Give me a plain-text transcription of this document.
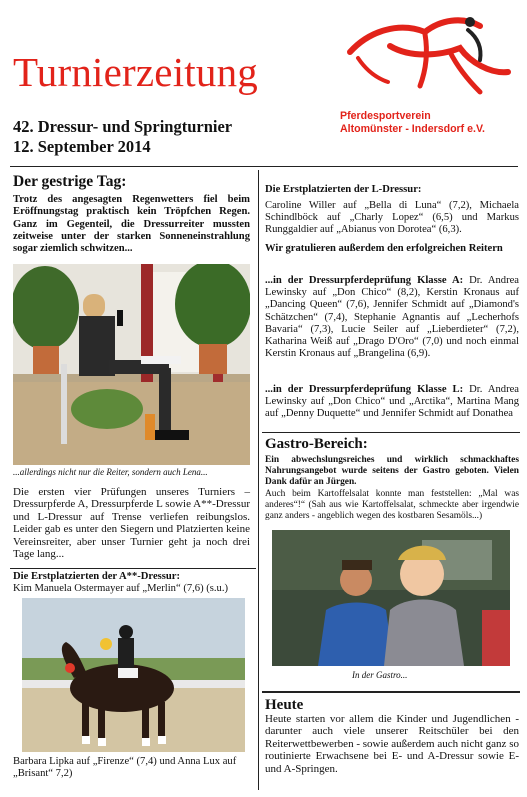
Turnierzeitung
42. Dressur- und Springturnier
12. September 2014
Pferdesportverein
Altomünster - Indersdorf e.V.
Der gestrige Tag:
Trotz des angesagten Regenwetters fiel beim Eröffnungstag praktisch kein Tröpfchen Regen. Ganz im Gegenteil, die Dressurreiter mussten zeitweise unter der starken Sonneneinstrahlung sogar ziemlich schwitzen...
...allerdings nicht nur die Reiter, sondern auch Lena...
Die ersten vier Prüfungen unseres Turniers – Dressurpferde A, Dressurpferde L sowie A**-Dressur und L-Dressur auf Trense verliefen reibungslos. Leider gab es unter den Siegern und Platzierten keine Vereinsreiter, aber unser Turnier geht ja noch drei Tage lang...
Die Erstplatzierten der A**-Dressur:
Kim Manuela Ostermayer auf „Merlin“ (7,6) (s.u.)
Barbara Lipka auf „Firenze“ (7,4) und Anna Lux auf „Brisant“ 7,2)
Die Erstplatzierten der L-Dressur:
Caroline Willer auf „Bella di Luna“ (7,2), Michaela Schindlböck auf „Charly Lopez“ (6,5) und Markus Runggaldier auf „Abianus von Dorotea“ (6,3).
Wir gratulieren außerdem den erfolgreichen Reitern
...in der Dressurpferdeprüfung Klasse A: Dr. Andrea Lewinsky auf „Don Chico“ (8,2), Kerstin Kronaus auf „Dancing Queen“ (7,6), Jennifer Schmidt auf „Diamond's Schätzchen“ (7,4), Stephanie Agnantis auf „Lecherhofs Bavaria“ (7,3), Lucie Seiler auf „Lieberdieter“ (7,2), Katharina Weiß auf „Drago D'Oro“ (7,0) und noch einmal Kerstin Kronaus auf „Brangelina (6,9).
...in der Dressurpferdeprüfung Klasse L: Dr. Andrea Lewinsky auf „Don Chico“ und „Arctika“, Martina Mang auf „Denny Duquette“ und Jennifer Schmidt auf Donathea
Gastro-Bereich:
Ein abwechslungsreiches und wirklich schmackhaftes Nahrungsangebot wurde seitens der Gastro geboten. Vielen Dank dafür an Jürgen.
Auch beim Kartoffelsalat konnte man feststellen: „Mal was anderes“!“ (Sah aus wie Kartoffelsalat, schmeckte aber irgendwie ganz anders - angeblich wegen des kostbaren Sesamöls...)
In der Gastro...
Heute
Heute starten vor allem die Kinder und Jugendlichen - darunter auch viele unserer Reitschüler bei den Reiterwettbewerben - sowie außerdem auch nicht ganz so routinierte Erwachsene bei E- und A-Dressur sowie E- und A-Springen.
